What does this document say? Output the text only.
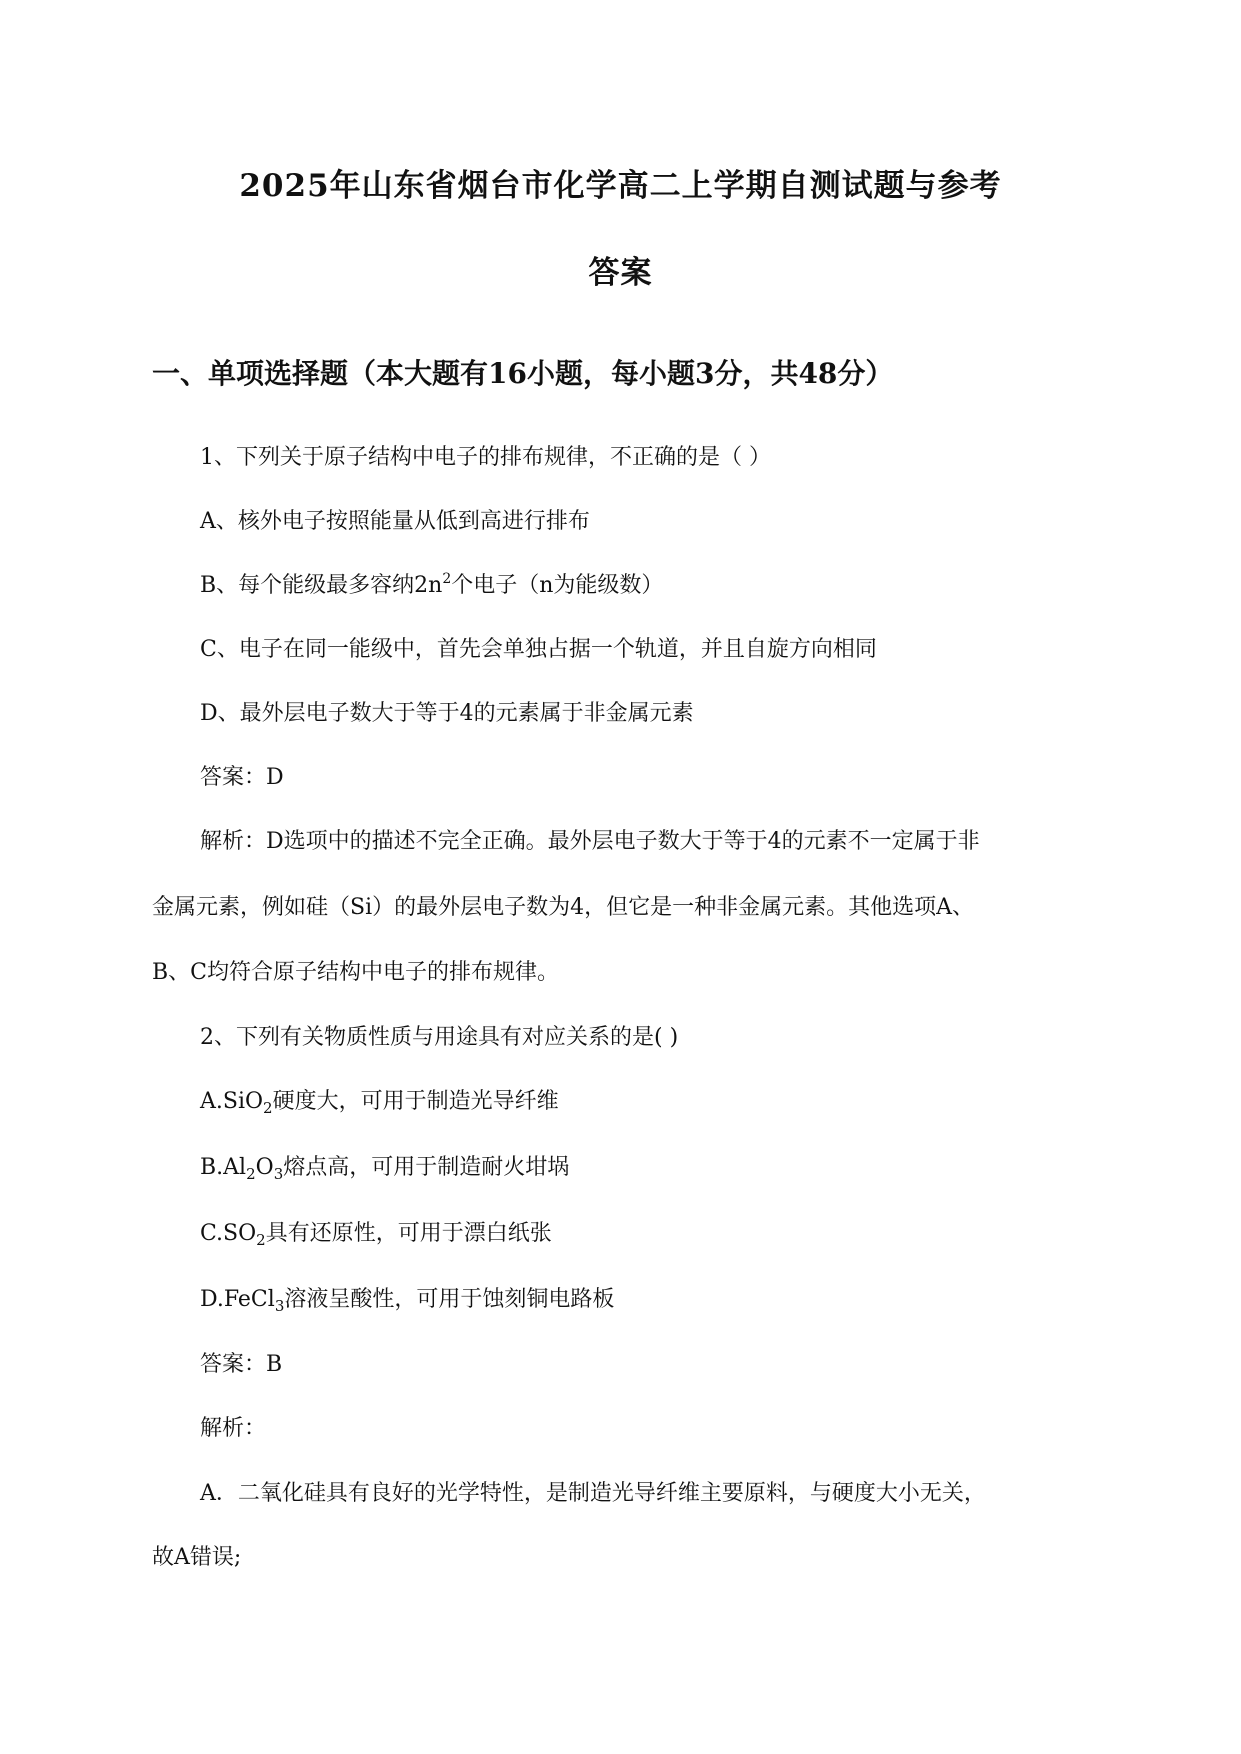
2025年山东省烟台市化学高二上学期自测试题与参考
答案
一、单项选择题（本大题有16小题，每小题3分，共48分）
1、下列关于原子结构中电子的排布规律，不正确的是（ ）
A、核外电子按照能量从低到高进行排布
B、每个能级最多容纳$2n^2$个电子（n为能级数）
C、电子在同一能级中，首先会单独占据一个轨道，并且自旋方向相同
D、最外层电子数大于等于4的元素属于非金属元素
答案：D
解析：D选项中的描述不完全正确。最外层电子数大于等于4的元素不一定属于非
金属元素，例如硅（Si）的最外层电子数为4，但它是一种非金属元素。其他选项A、
B、C均符合原子结构中电子的排布规律。
2、下列有关物质性质与用途具有对应关系的是( )
A.SiO$_2$硬度大，可用于制造光导纤维
$B.Al_2O_3$熔点高，可用于制造耐火坩埚
$C.SO_2$具有还原性，可用于漂白纸张
D.FeCl$_3$溶液呈酸性，可用于蚀刻铜电路板
答案：B
解析：
A．二氧化硅具有良好的光学特性，是制造光导纤维主要原料，与硬度大小无关，
故A错误;
